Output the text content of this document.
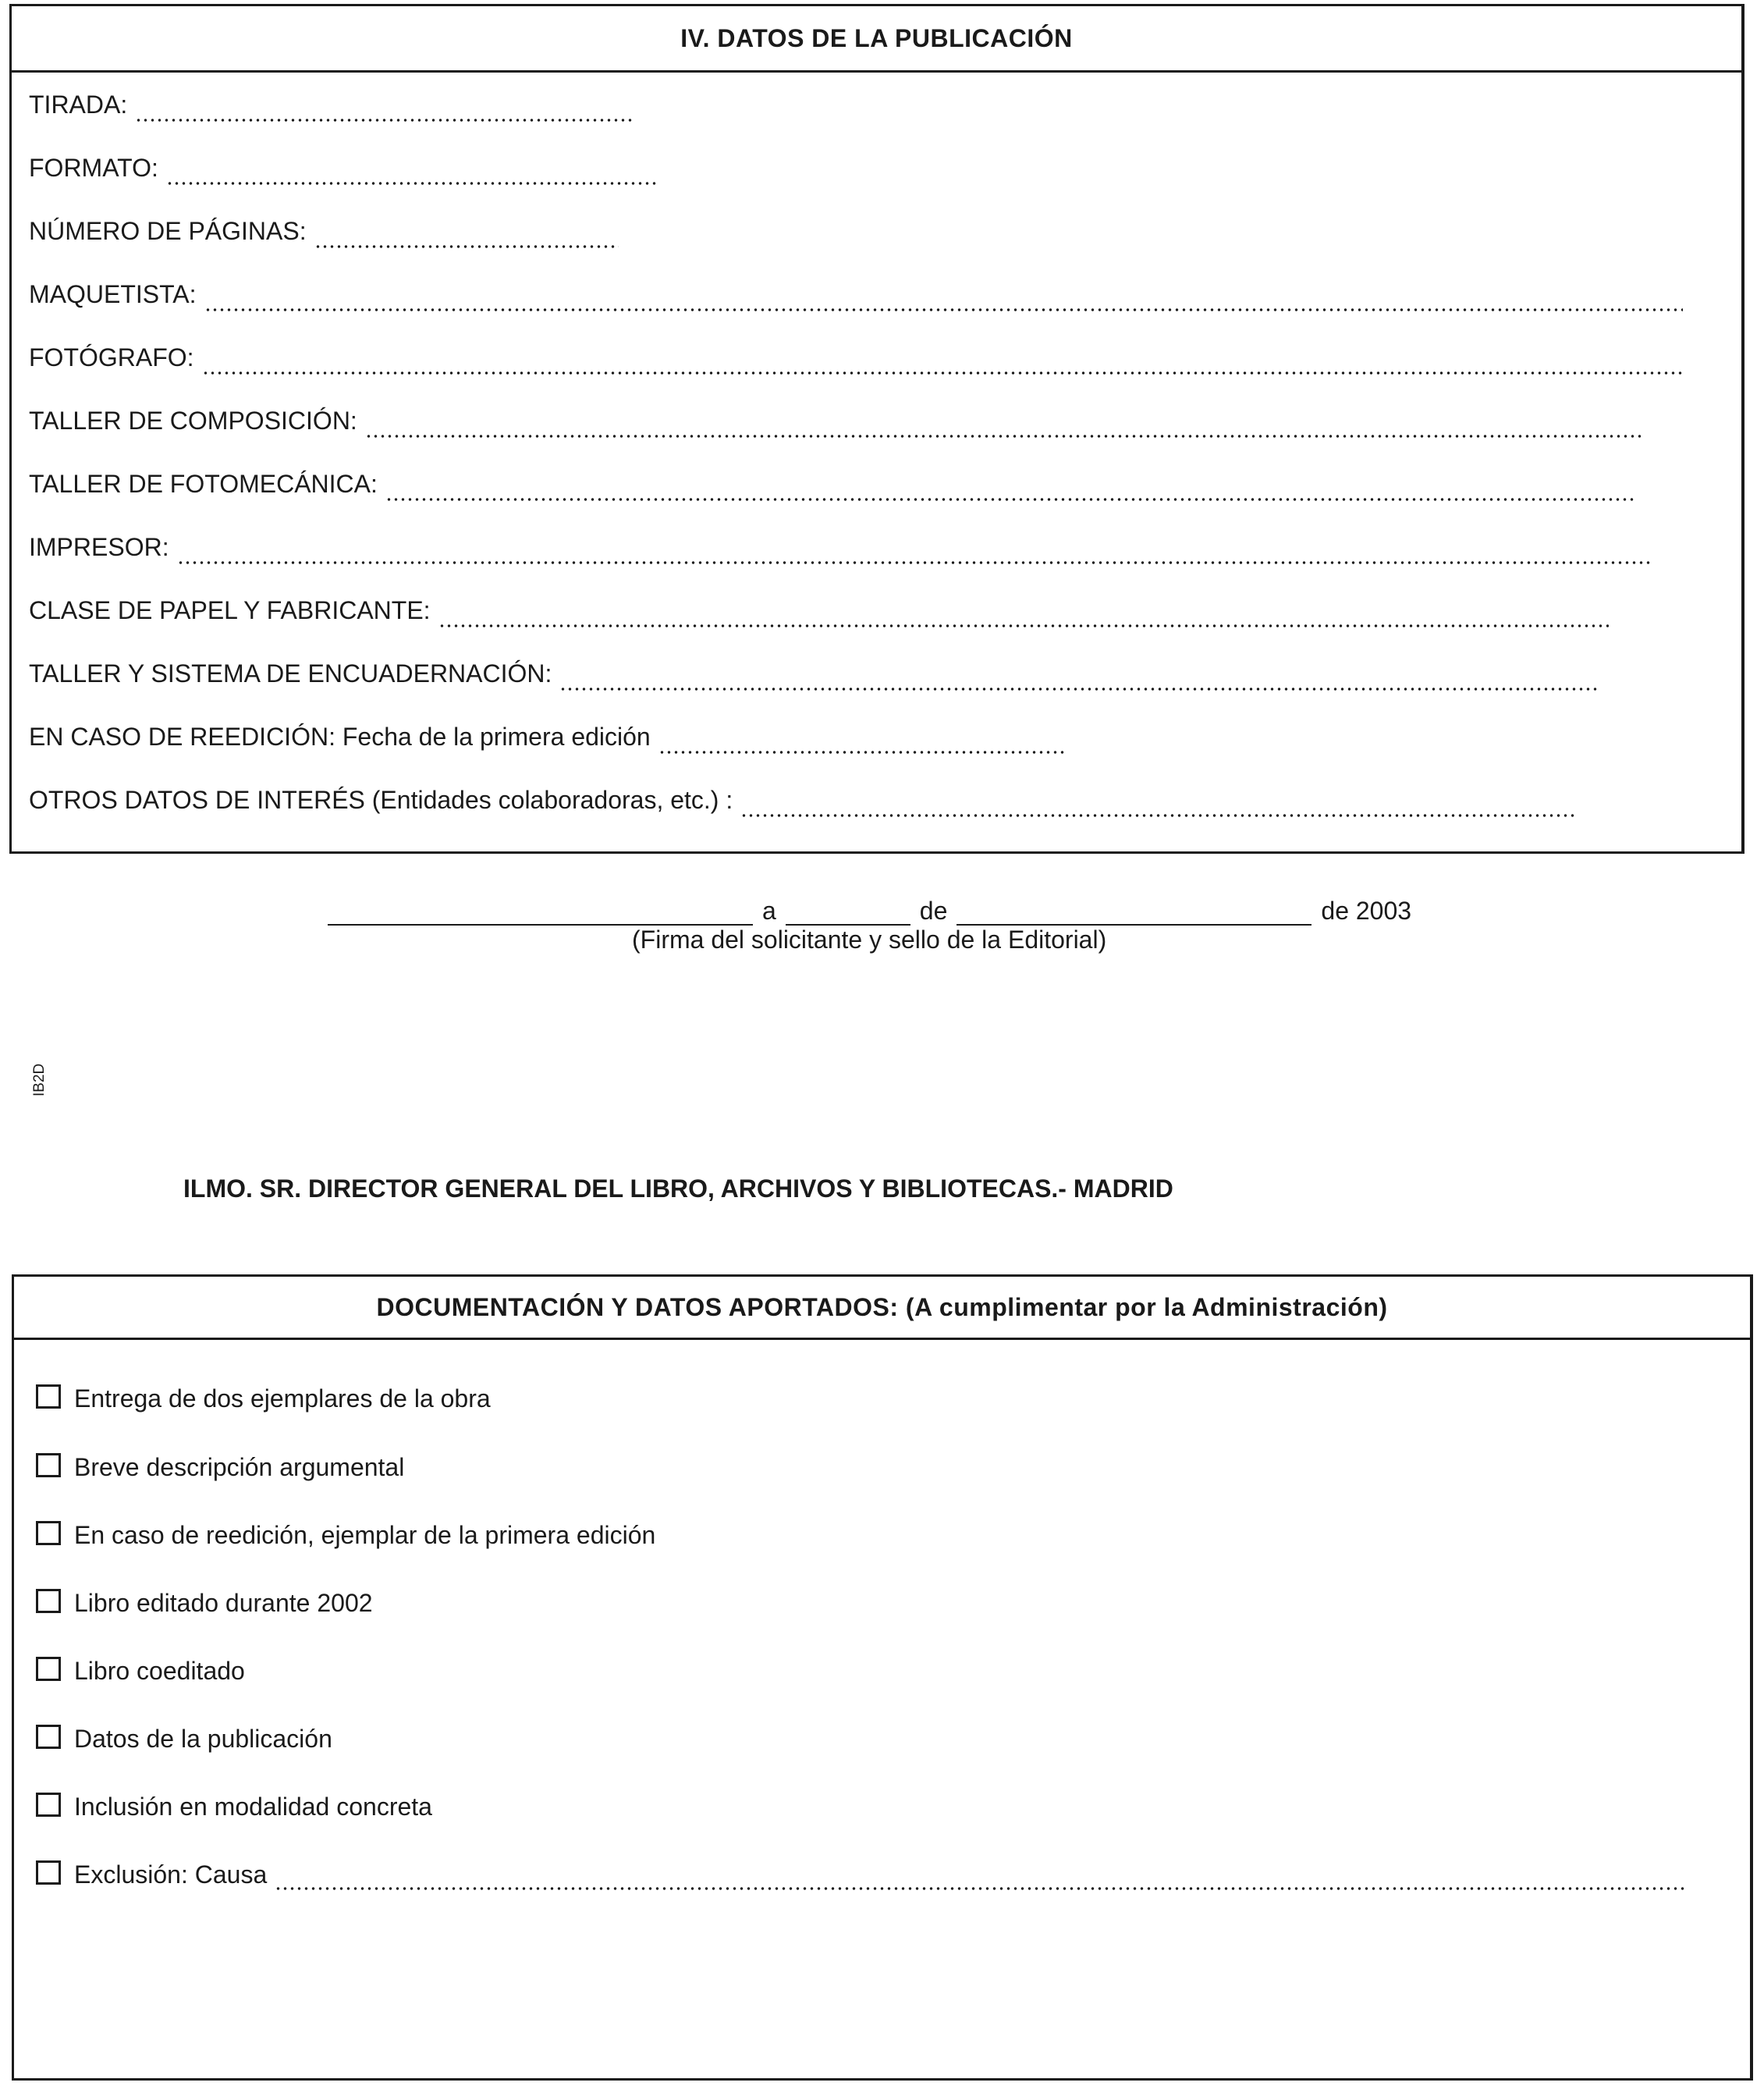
IV. DATOS DE LA PUBLICACIÓN
TIRADA:
FORMATO:
NÚMERO DE PÁGINAS:
MAQUETISTA:
FOTÓGRAFO:
TALLER DE COMPOSICIÓN:
TALLER DE FOTOMECÁNICA:
IMPRESOR:
CLASE DE PAPEL Y FABRICANTE:
TALLER Y SISTEMA DE ENCUADERNACIÓN:
EN CASO DE REEDICIÓN: Fecha de la primera edición
OTROS DATOS DE INTERÉS (Entidades colaboradoras, etc.) :
a	de	de 2003
(Firma del solicitante y sello de la Editorial)
IB2D
ILMO. SR. DIRECTOR GENERAL DEL LIBRO, ARCHIVOS Y BIBLIOTECAS.- MADRID
DOCUMENTACIÓN Y DATOS APORTADOS: (A cumplimentar por la Administración)
Entrega de dos ejemplares de la obra
Breve descripción argumental
En caso de reedición, ejemplar de la primera edición
Libro editado durante 2002
Libro coeditado
Datos de la publicación
Inclusión en modalidad concreta
Exclusión: Causa
